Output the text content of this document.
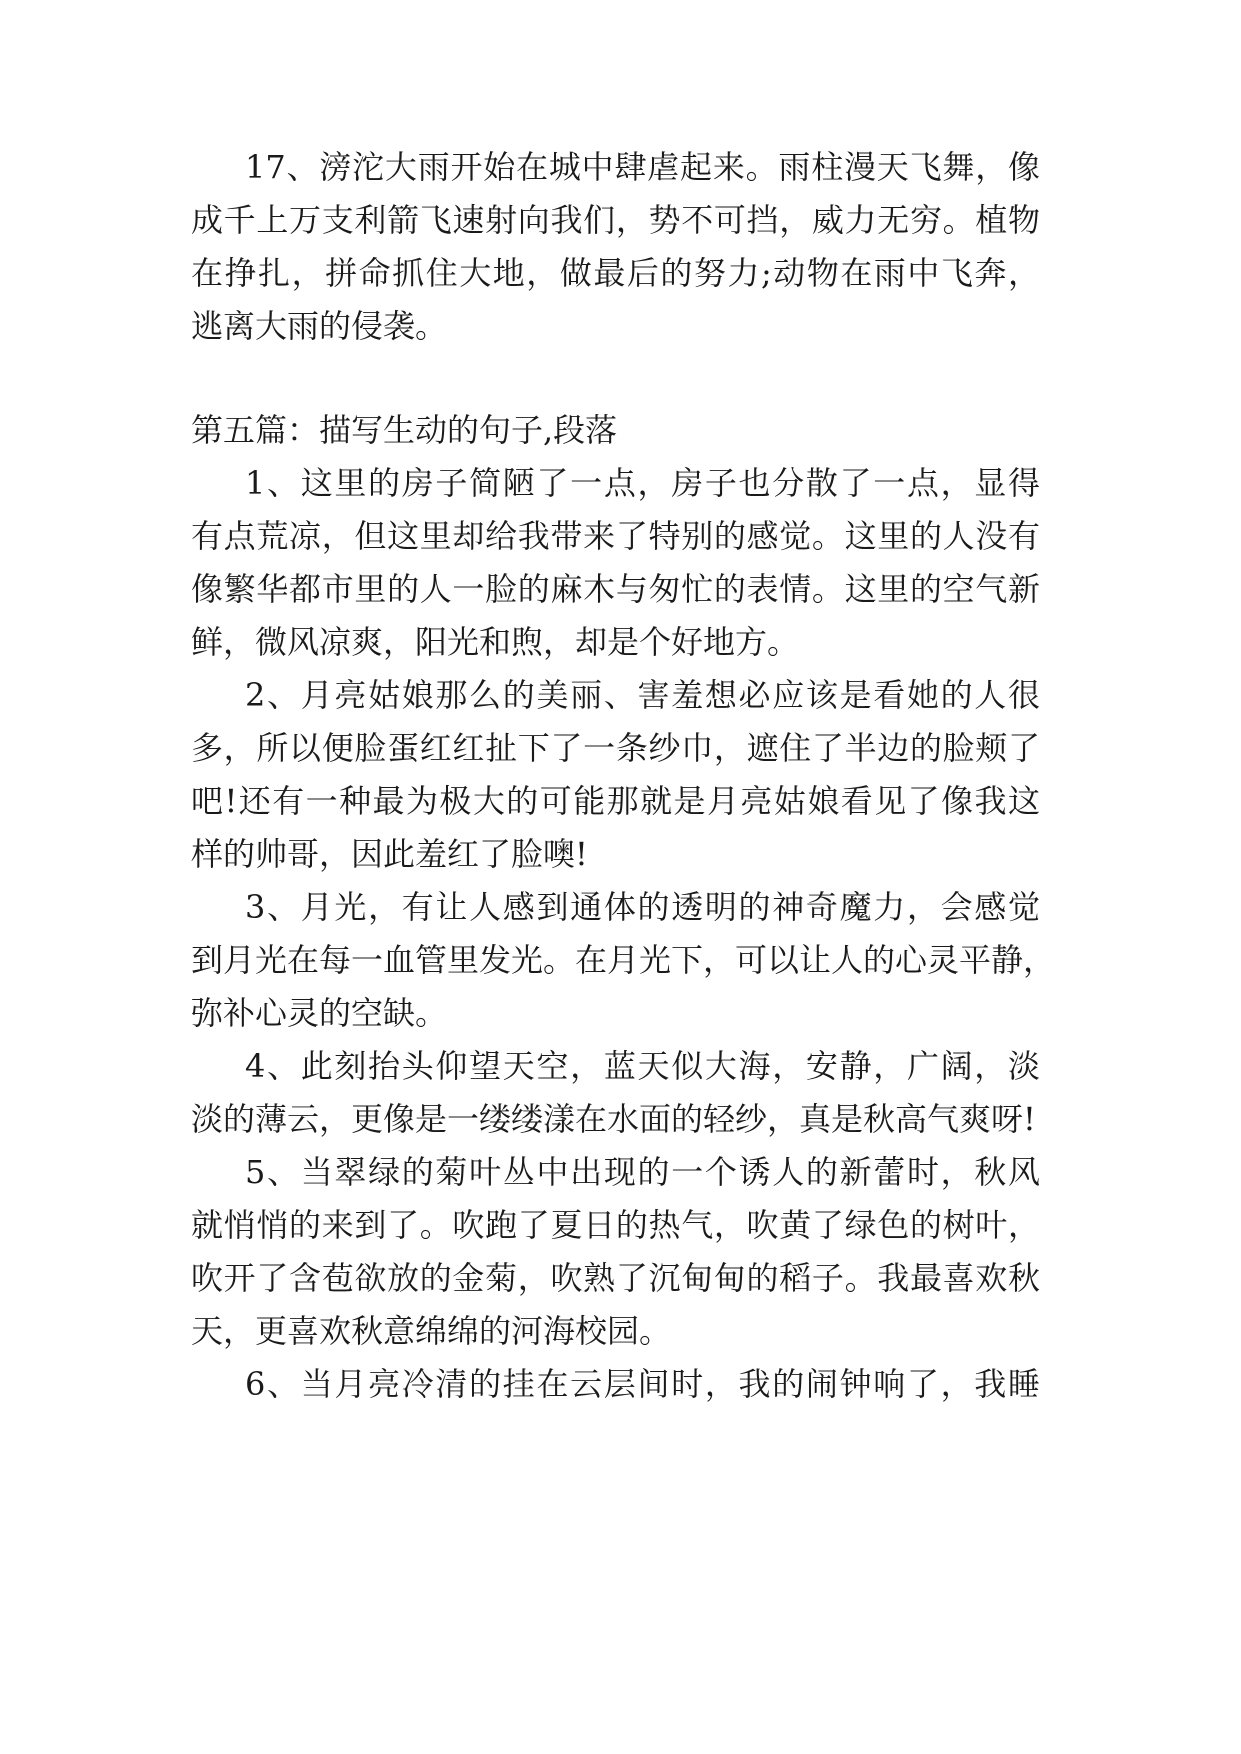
17、滂沱大雨开始在城中肆虐起来。雨柱漫天飞舞，像
成千上万支利箭飞速射向我们，势不可挡，威力无穷。植物
在挣扎，拼命抓住大地，做最后的努力;动物在雨中飞奔，
逃离大雨的侵袭。
第五篇：描写生动的句子,段落
1、这里的房子简陋了一点，房子也分散了一点，显得
有点荒凉，但这里却给我带来了特别的感觉。这里的人没有
像繁华都市里的人一脸的麻木与匆忙的表情。这里的空气新
鲜，微风凉爽，阳光和煦，却是个好地方。
2、月亮姑娘那么的美丽、害羞想必应该是看她的人很
多，所以便脸蛋红红扯下了一条纱巾，遮住了半边的脸颊了
吧!还有一种最为极大的可能那就是月亮姑娘看见了像我这
样的帅哥，因此羞红了脸噢!
3、月光，有让人感到通体的透明的神奇魔力，会感觉
到月光在每一血管里发光。在月光下，可以让人的心灵平静，
弥补心灵的空缺。
4、此刻抬头仰望天空，蓝天似大海，安静，广阔，淡
淡的薄云，更像是一缕缕漾在水面的轻纱，真是秋高气爽呀!
5、当翠绿的菊叶丛中出现的一个诱人的新蕾时，秋风
就悄悄的来到了。吹跑了夏日的热气，吹黄了绿色的树叶，
吹开了含苞欲放的金菊，吹熟了沉甸甸的稻子。我最喜欢秋
天，更喜欢秋意绵绵的河海校园。
6、当月亮冷清的挂在云层间时，我的闹钟响了，我睡
